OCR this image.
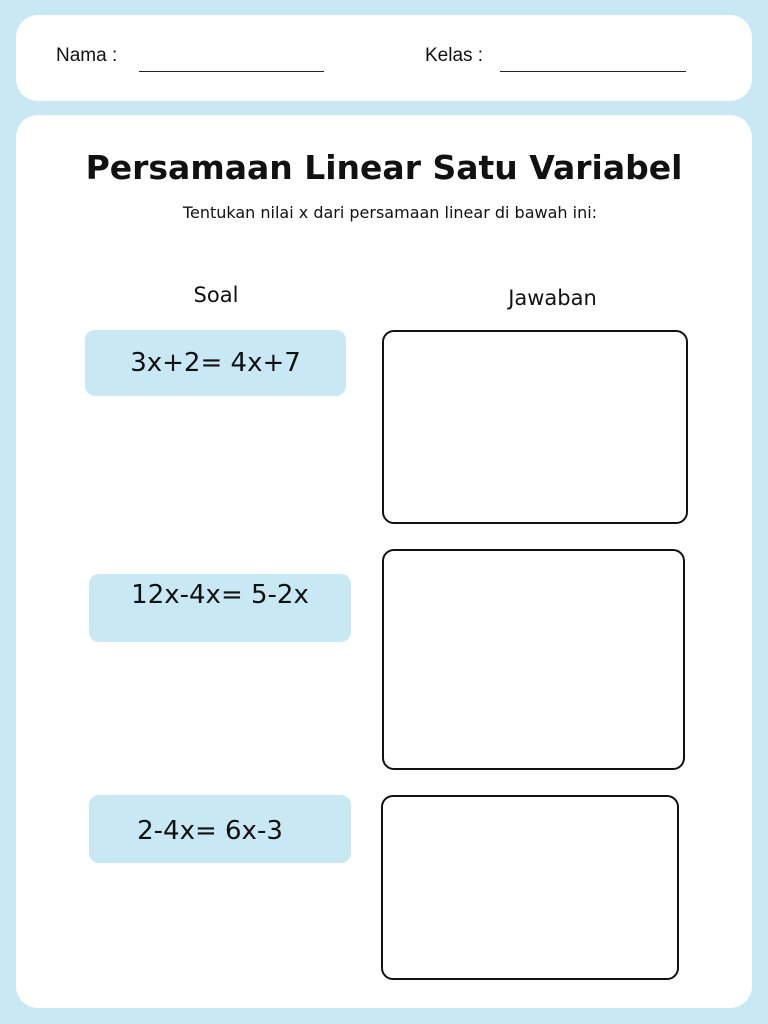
Nama :	Kelas :
Persamaan Linear Satu Variabel
Tentukan nilai x dari persamaan linear di bawah ini:
Soal	Jawaban
3x+2= 4x+7
12x-4x= 5-2x
2-4x= 6x-3
